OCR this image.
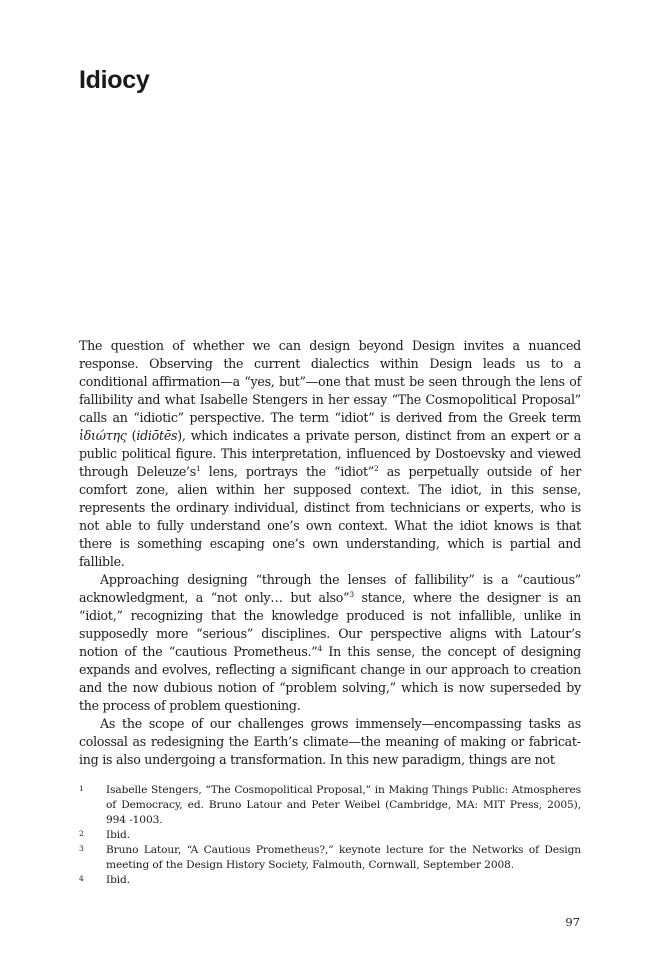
Idiocy

The question of whether we can design beyond Design invites a nuanced response. Observing the current dialectics within Design leads us to a conditional affirmation—a “yes, but”—one that must be seen through the lens of fallibility and what Isabelle Stengers in her essay “The Cosmopolitical Proposal” calls an “idiotic” perspective. The term “idiot” is derived from the Greek term ἰδιώτης (idiōtēs), which indicates a private person, distinct from an expert or a public political figure. This interpretation, influenced by Dostoevsky and viewed through $Deleuze’s^1$ lens, portrays the “idiot”$^2$ as perpetually outside of her comfort zone, alien within her supposed context. The idiot, in this sense, represents the ordinary individual, distinct from technicians or experts, who is not able to fully understand one’s own context. What the idiot knows is that there is something escaping one’s own understanding, which is partial and fallible.

Approaching designing “through the lenses of fallibility” is a “cautious” acknowledgment, a “not only… but also”$^3$ stance, where the designer is an “idiot,” recognizing that the knowledge produced is not infallible, unlike in supposedly more “serious” disciplines. Our perspective aligns with Latour’s notion of the “cautious Prometheus.”$^4$ In this sense, the concept of designing expands and evolves, reflecting a significant change in our approach to creation and the now dubious notion of “problem solving,” which is now superseded by the process of problem questioning.

As the scope of our challenges grows immensely—encompassing tasks as colossal as redesigning the Earth’s climate—the meaning of making or fabricating is also undergoing a transformation. In this new paradigm, things are not

1	Isabelle Stengers, “The Cosmopolitical Proposal,” in Making Things Public: Atmospheres of Democracy, ed. Bruno Latour and Peter Weibel (Cambridge, MA: MIT Press, 2005), 994 -1003.
2	Ibid.
3	Bruno Latour, “A Cautious Prometheus?,” keynote lecture for the Networks of Design meeting of the Design History Society, Falmouth, Cornwall, September 2008.
4	Ibid.
97
